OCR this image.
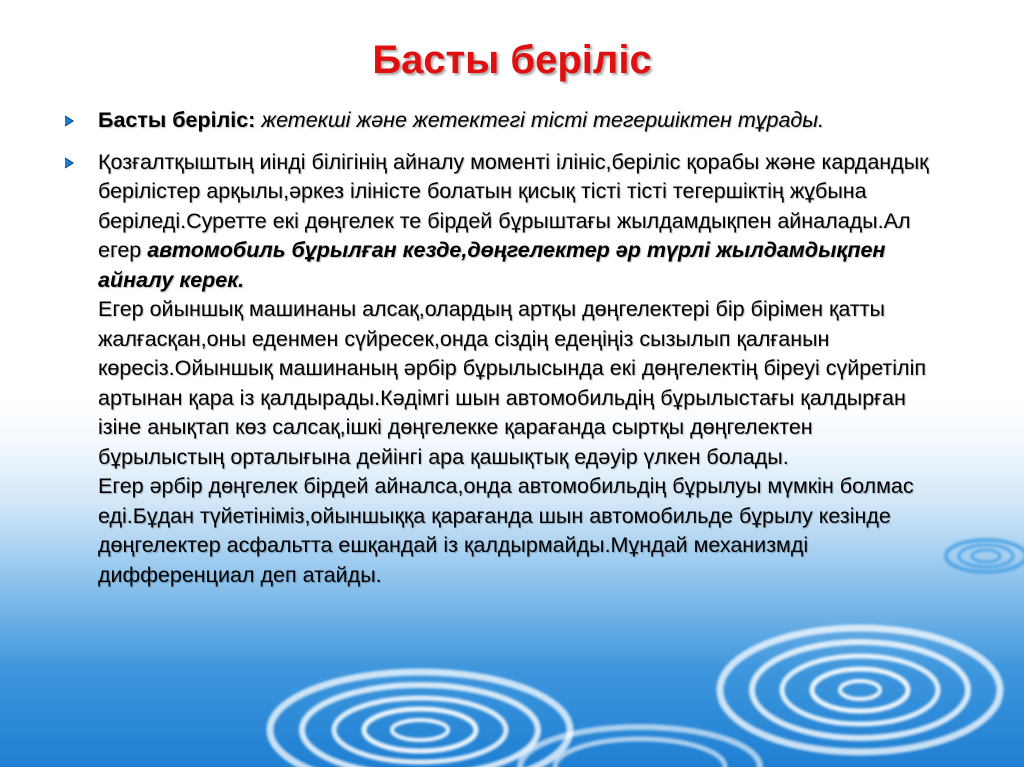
Басты беріліс
Басты беріліс: жетекші және жетектегі тісті тегершіктен тұрады.
Қозғалтқыштың иінді білігінің айналу моменті ілініс,беріліс қорабы және кардандық берілістер арқылы,әркез іліністе болатын қисық тісті тісті тегершіктің жұбына беріледі.Суретте екі дөңгелек те бірдей бұрыштағы жылдамдықпен айналады.Ал егер автомобиль бұрылған кезде,дөңгелектер әр түрлі жылдамдықпен айналу керек.
Егер ойыншық машинаны алсақ,олардың артқы дөңгелектері бір бірімен қатты жалғасқан,оны еденмен сүйресек,онда сіздің едеңіңіз сызылып қалғанын көресіз.Ойыншық машинаның әрбір бұрылысында екі дөңгелектің біреуі сүйретіліп артынан қара із қалдырады.Кәдімгі шын автомобильдің бұрылыстағы қалдырған ізіне анықтап көз салсақ,ішкі дөңгелекке қарағанда сыртқы дөңгелектен бұрылыстың орталығына дейінгі ара қашықтық едәуір үлкен болады.
Егер әрбір дөңгелек бірдей айналса,онда автомобильдің бұрылуы мүмкін болмас еді.Бұдан түйетініміз,ойыншыққа қарағанда шын автомобильде бұрылу кезінде дөңгелектер асфальтта ешқандай із қалдырмайды.Мұндай механизмді дифференциал деп атайды.
